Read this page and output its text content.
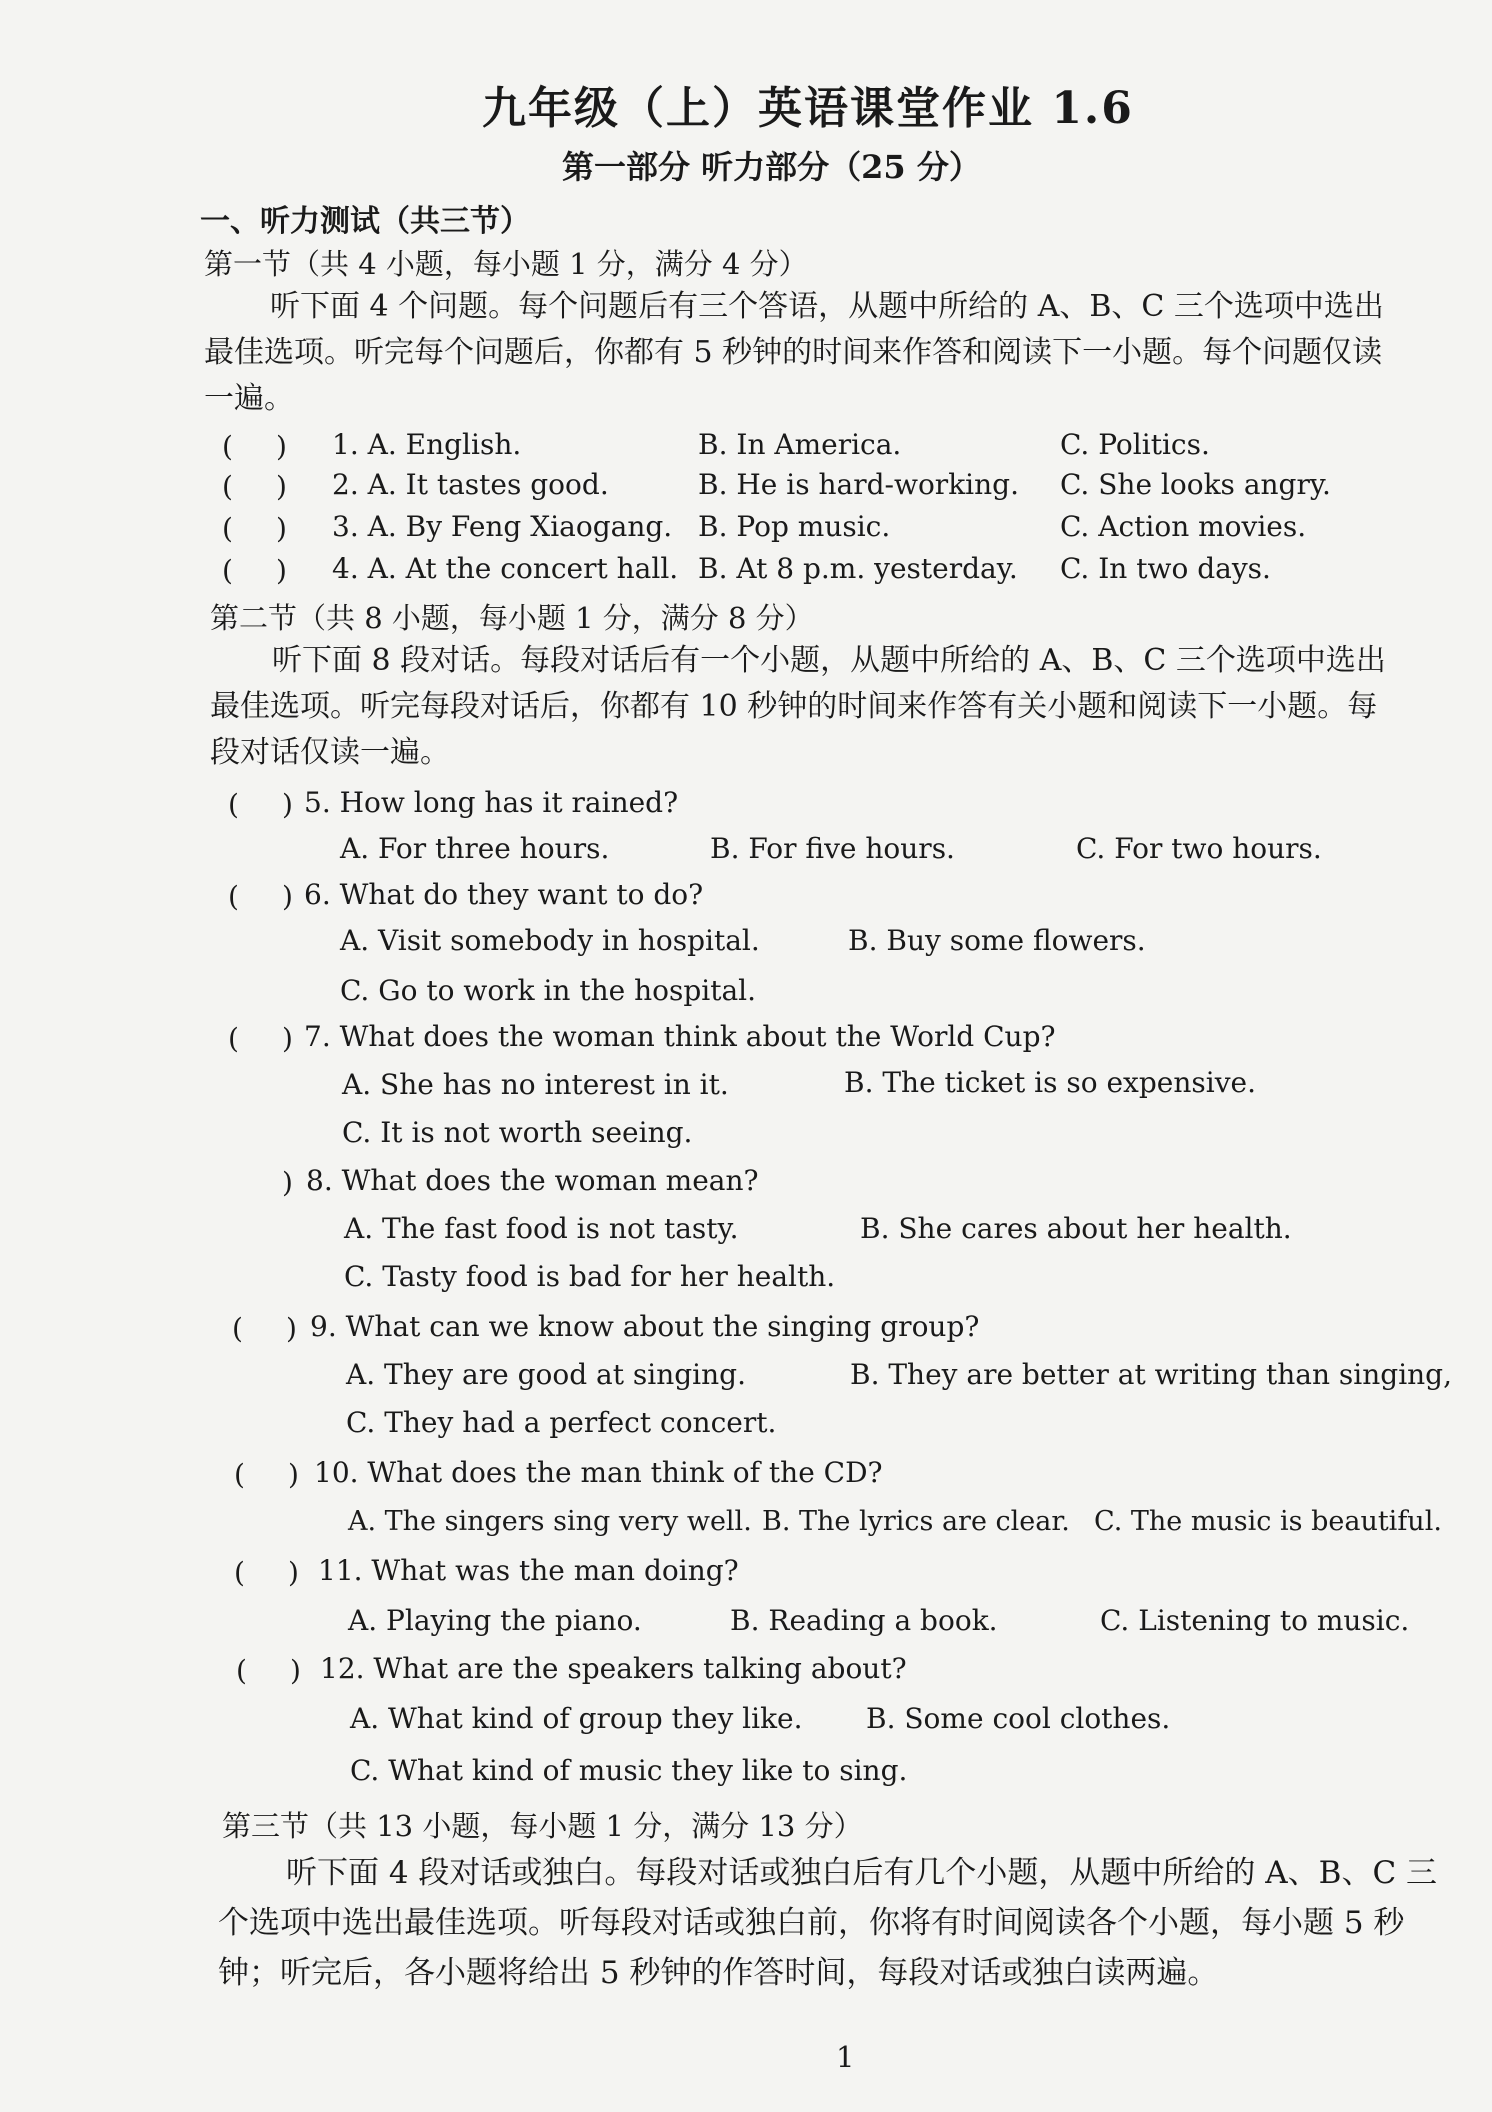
九年级（上）英语课堂作业 1.6
第一部分 听力部分（25 分）
一、听力测试（共三节）
第一节（共 4 小题，每小题 1 分，满分 4 分）
听下面 4 个问题。每个问题后有三个答语，从题中所给的 A、B、C 三个选项中选出最佳选项。听完每个问题后，你都有 5 秒钟的时间来作答和阅读下一小题。每个问题仅读一遍。
( ) 1. A. English.	B. In America.	C. Politics.
( ) 2. A. It tastes good.	B. He is hard-working. C. She looks angry.
( ) 3. A. By Feng Xiaogang. B. Pop music.	C. Action movies.
( ) 4. A. At the concert hall. B. At 8 p.m. yesterday. C. In two days.
第二节（共 8 小题，每小题 1 分，满分 8 分）
听下面 8 段对话。每段对话后有一个小题，从题中所给的 A、B、C 三个选项中选出最佳选项。听完每段对话后，你都有 10 秒钟的时间来作答有关小题和阅读下一小题。每段对话仅读一遍。
( ) 5. How long has it rained?
A. For three hours.	B. For five hours.	C. For two hours.
( ) 6. What do they want to do?
A. Visit somebody in hospital.	B. Buy some flowers.
C. Go to work in the hospital.
( ) 7. What does the woman think about the World Cup?
A. She has no interest in it.	B. The ticket is so expensive.
C. It is not worth seeing.
) 8. What does the woman mean?
A. The fast food is not tasty.	B. She cares about her health.
C. Tasty food is bad for her health.
( ) 9. What can we know about the singing group?
A. They are good at singing.	B. They are better at writing than singing,
C. They had a perfect concert.
( ) 10. What does the man think of the CD?
A. The singers sing very well. B. The lyrics are clear. C. The music is beautiful.
( ) 11. What was the man doing?
A. Playing the piano.	B. Reading a book.	C. Listening to music.
( ) 12. What are the speakers talking about?
A. What kind of group they like. B. Some cool clothes.
C. What kind of music they like to sing.
第三节（共 13 小题，每小题 1 分，满分 13 分）
听下面 4 段对话或独白。每段对话或独白后有几个小题，从题中所给的 A、B、C 三个选项中选出最佳选项。听每段对话或独白前，你将有时间阅读各个小题，每小题 5 秒钟；听完后，各小题将给出 5 秒钟的作答时间，每段对话或独白读两遍。
1
